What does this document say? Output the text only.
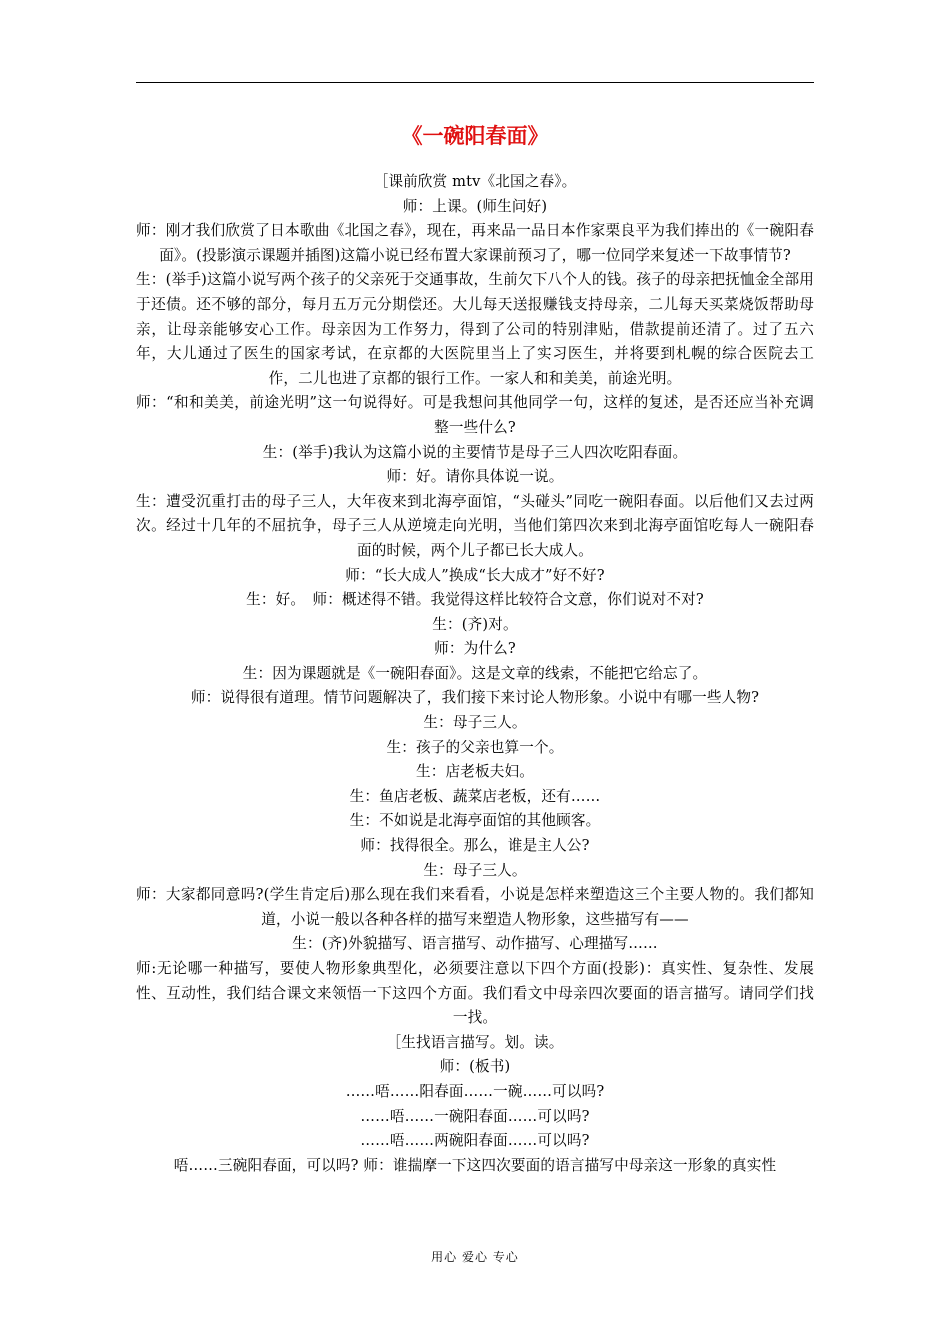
《一碗阳春面》

［课前欣赏 mtv《北国之春》。

师：上课。(师生问好)

师：刚才我们欣赏了日本歌曲《北国之春》，现在，再来品一品日本作家栗良平为我们捧出的《一碗阳春面》。(投影演示课题并插图)这篇小说已经布置大家课前预习了，哪一位同学来复述一下故事情节?

生：(举手)这篇小说写两个孩子的父亲死于交通事故，生前欠下八个人的钱。孩子的母亲把抚恤金全部用于还债。还不够的部分，每月五万元分期偿还。大儿每天送报赚钱支持母亲，二儿每天买菜烧饭帮助母亲，让母亲能够安心工作。母亲因为工作努力，得到了公司的特别津贴，借款提前还清了。过了五六年，大儿通过了医生的国家考试，在京都的大医院里当上了实习医生，并将要到札幌的综合医院去工作，二儿也进了京都的银行工作。一家人和和美美，前途光明。

师：“和和美美，前途光明”这一句说得好。可是我想问其他同学一句，这样的复述，是否还应当补充调整一些什么?

生：(举手)我认为这篇小说的主要情节是母子三人四次吃阳春面。

师：好。请你具体说一说。

生：遭受沉重打击的母子三人，大年夜来到北海亭面馆，“头碰头”同吃一碗阳春面。以后他们又去过两次。经过十几年的不屈抗争，母子三人从逆境走向光明，当他们第四次来到北海亭面馆吃每人一碗阳春面的时候，两个儿子都已长大成人。

师：“长大成人”换成“长大成才”好不好?

生：好。　师：概述得不错。我觉得这样比较符合文意，你们说对不对?

生：(齐)对。

师：为什么?

生：因为课题就是《一碗阳春面》。这是文章的线索，不能把它给忘了。

师：说得很有道理。情节问题解决了，我们接下来讨论人物形象。小说中有哪一些人物?

生：母子三人。

生：孩子的父亲也算一个。

生：店老板夫妇。

生：鱼店老板、蔬菜店老板，还有……

生：不如说是北海亭面馆的其他顾客。

师：找得很全。那么，谁是主人公?

生：母子三人。

师：大家都同意吗?(学生肯定后)那么现在我们来看看，小说是怎样来塑造这三个主要人物的。我们都知道，小说一般以各种各样的描写来塑造人物形象，这些描写有——

生：(齐)外貌描写、语言描写、动作描写、心理描写……

师:无论哪一种描写，要使人物形象典型化，必须要注意以下四个方面(投影)：真实性、复杂性、发展性、互动性，我们结合课文来领悟一下这四个方面。我们看文中母亲四次要面的语言描写。请同学们找一找。

［生找语言描写。划。读。

师：(板书)

……唔……阳春面……一碗……可以吗?

……唔……一碗阳春面……可以吗?

……唔……两碗阳春面……可以吗?

唔……三碗阳春面，可以吗? 师：谁揣摩一下这四次要面的语言描写中母亲这一形象的真实性

用心 爱心 专心
